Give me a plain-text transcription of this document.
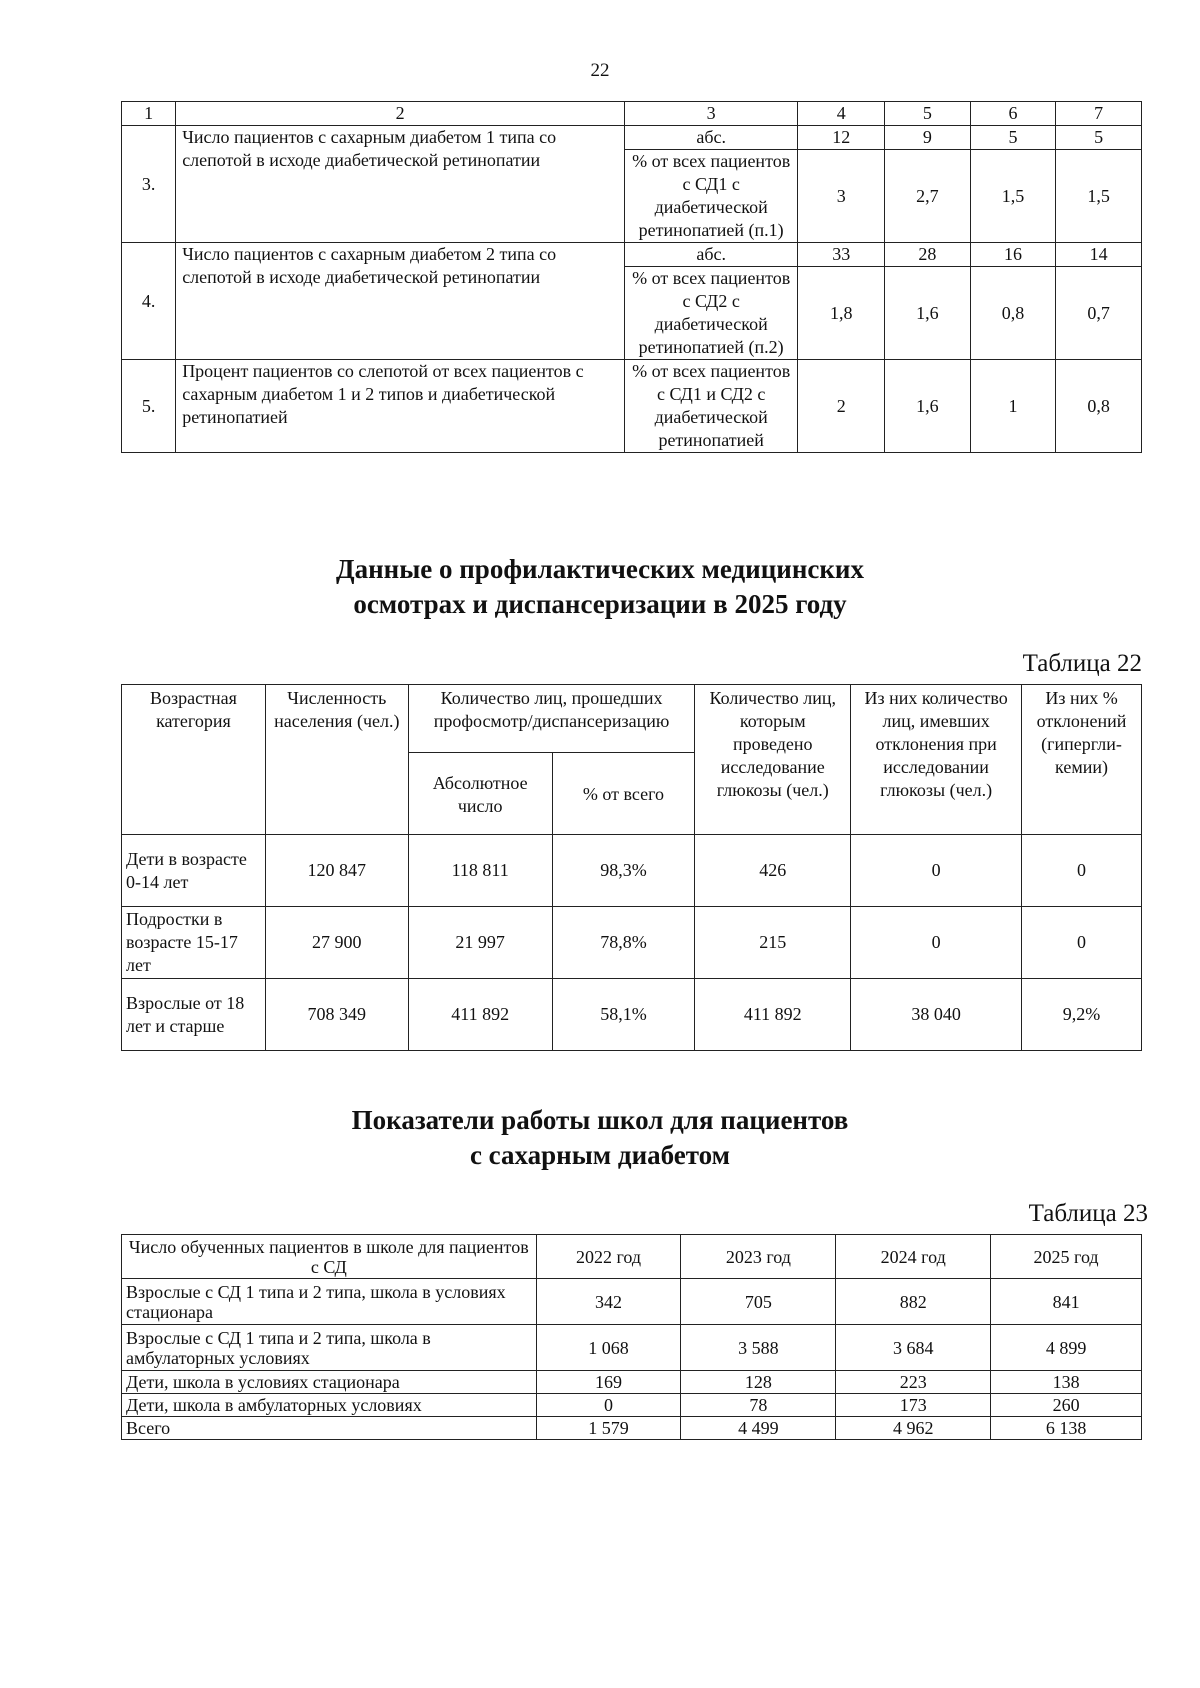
22
1	2	3	4	5	6	7
3.	Число пациентов с сахарным диабетом 1 типа со слепотой в исходе диабетической ретинопатии	абс.	12	9	5	5
		% от всех пациентов с СД1 с диабетической ретинопатией (п.1)	3	2,7	1,5	1,5
4.	Число пациентов с сахарным диабетом 2 типа со слепотой в исходе диабетической ретинопатии	абс.	33	28	16	14
		% от всех пациентов с СД2 с диабетической ретинопатией (п.2)	1,8	1,6	0,8	0,7
5.	Процент пациентов со слепотой от всех пациентов с сахарным диабетом 1 и 2 типов и диабетической ретинопатией	% от всех пациентов с СД1 и СД2 с диабетической ретинопатией	2	1,6	1	0,8
Данные о профилактических медицинских
осмотрах и диспансеризации в 2025 году
Таблица 22
Возрастная категория	Численность населения (чел.)	Количество лиц, прошедших профосмотр/диспансеризацию		Количество лиц, которым проведено исследование глюкозы (чел.)	Из них количество лиц, имевших отклонения при исследовании глюкозы (чел.)	Из них % отклонений (гипергли-кемии)
		Абсолютное число	% от всего			
Дети в возрасте 0-14 лет	120 847	118 811	98,3%	426	0	0
Подростки в возрасте 15-17 лет	27 900	21 997	78,8%	215	0	0
Взрослые от 18 лет и старше	708 349	411 892	58,1%	411 892	38 040	9,2%
Показатели работы школ для пациентов
с сахарным диабетом
Таблица 23
Число обученных пациентов в школе для пациентов с СД	2022 год	2023 год	2024 год	2025 год
Взрослые с СД 1 типа и 2 типа, школа в условиях стационара	342	705	882	841
Взрослые с СД 1 типа и 2 типа, школа в амбулаторных условиях	1 068	3 588	3 684	4 899
Дети, школа в условиях стационара	169	128	223	138
Дети, школа в амбулаторных условиях	0	78	173	260
Всего	1 579	4 499	4 962	6 138
